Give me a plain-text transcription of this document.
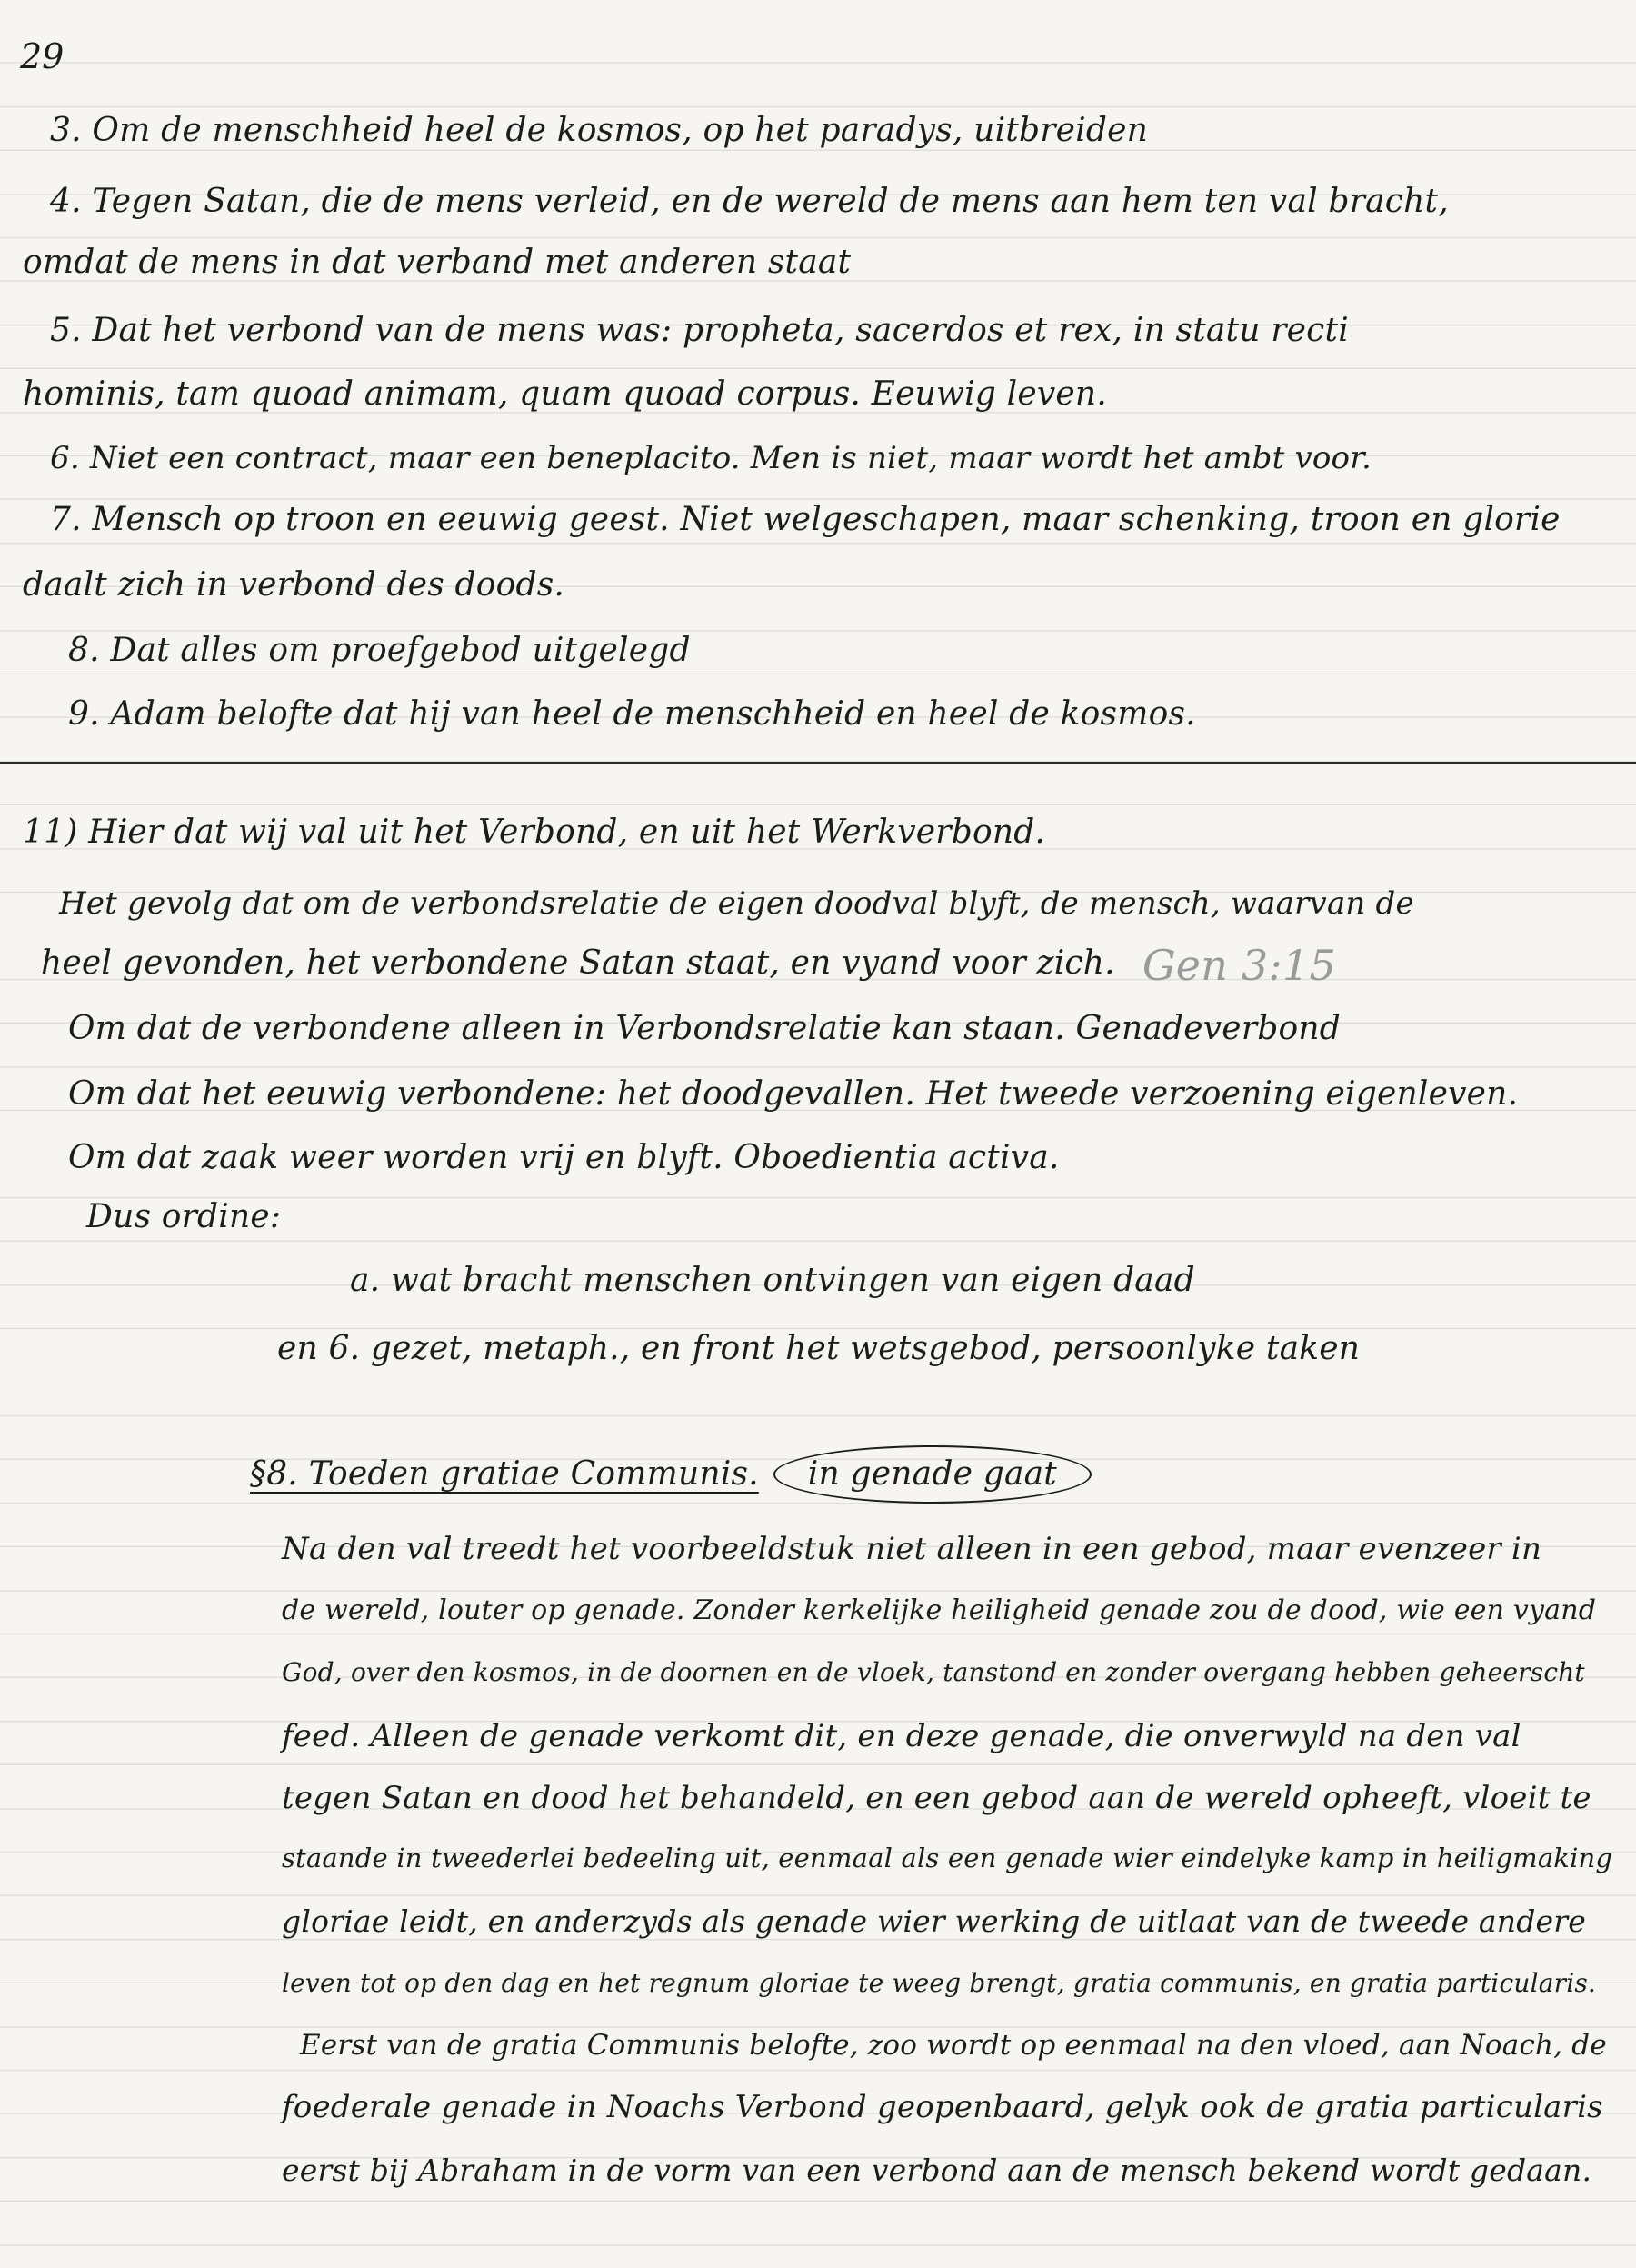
29
3. Om de menschheid heel de kosmos, op het paradys, uitbreiden
4. Tegen Satan, die de mens verleid, en de wereld de mens aan hem ten val bracht,
omdat de mens in dat verband met anderen staat
5. Dat het verbond van de mens was: propheta, sacerdos et rex, in statu recti
hominis, tam quoad animam, quam quoad corpus. Eeuwig leven.
6. Niet een contract, maar een beneplacito. Men is niet, maar wordt het ambt voor.
7. Mensch op troon en eeuwig geest. Niet welgeschapen, maar schenking, troon en glorie
daalt zich in verbond des doods.
8. Dat alles om proefgebod uitgelegd
9. Adam belofte dat hij van heel de menschheid en heel de kosmos.
11) Hier dat wij val uit het Verbond, en uit het Werkverbond.
Het gevolg dat om de verbondsrelatie de eigen doodval blyft, de mensch, waarvan de
heel gevonden, het verbondene Satan staat, en vyand voor zich. Gen 3:15
Om dat de verbondene alleen in Verbondsrelatie kan staan. Genadeverbond
Om dat het eeuwig verbondene: het doodgevallen. Het tweede verzoening eigenleven.
Om dat zaak weer worden vrij en blyft. Oboedientia activa.
Dus ordine:
a. wat bracht menschen ontvingen van eigen daad
en 6. gezet, metaph., en front het wetsgebod, persoonlyke taken
§8. Toeden gratiae Communis. in genade gaat
Na den val treedt het voorbeeldstuk niet alleen in een gebod, maar evenzeer in
de wereld, louter op genade. Zonder kerkelijke heiligheid genade zou de dood, wie een vyand
God, over den kosmos, in de doornen en de vloek, tanstond en zonder overgang hebben geheerscht
feed. Alleen de genade verkomt dit, en deze genade, die onverwyld na den val
tegen Satan en dood het behandeld, en een gebod aan de wereld opheeft, vloeit te
staande in tweederlei bedeeling uit, eenmaal als een genade wier eindelyke kamp in heiligmaking
gloriae leidt, en anderzyds als genade wier werking de uitlaat van de tweede andere
leven tot op den dag en het regnum gloriae te weeg brengt, gratia communis, en gratia particularis.
Eerst van de gratia Communis belofte, zoo wordt op eenmaal na den vloed, aan Noach, de
foederale genade in Noachs Verbond geopenbaard, gelyk ook de gratia particularis
eerst bij Abraham in de vorm van een verbond aan de mensch bekend wordt gedaan.
